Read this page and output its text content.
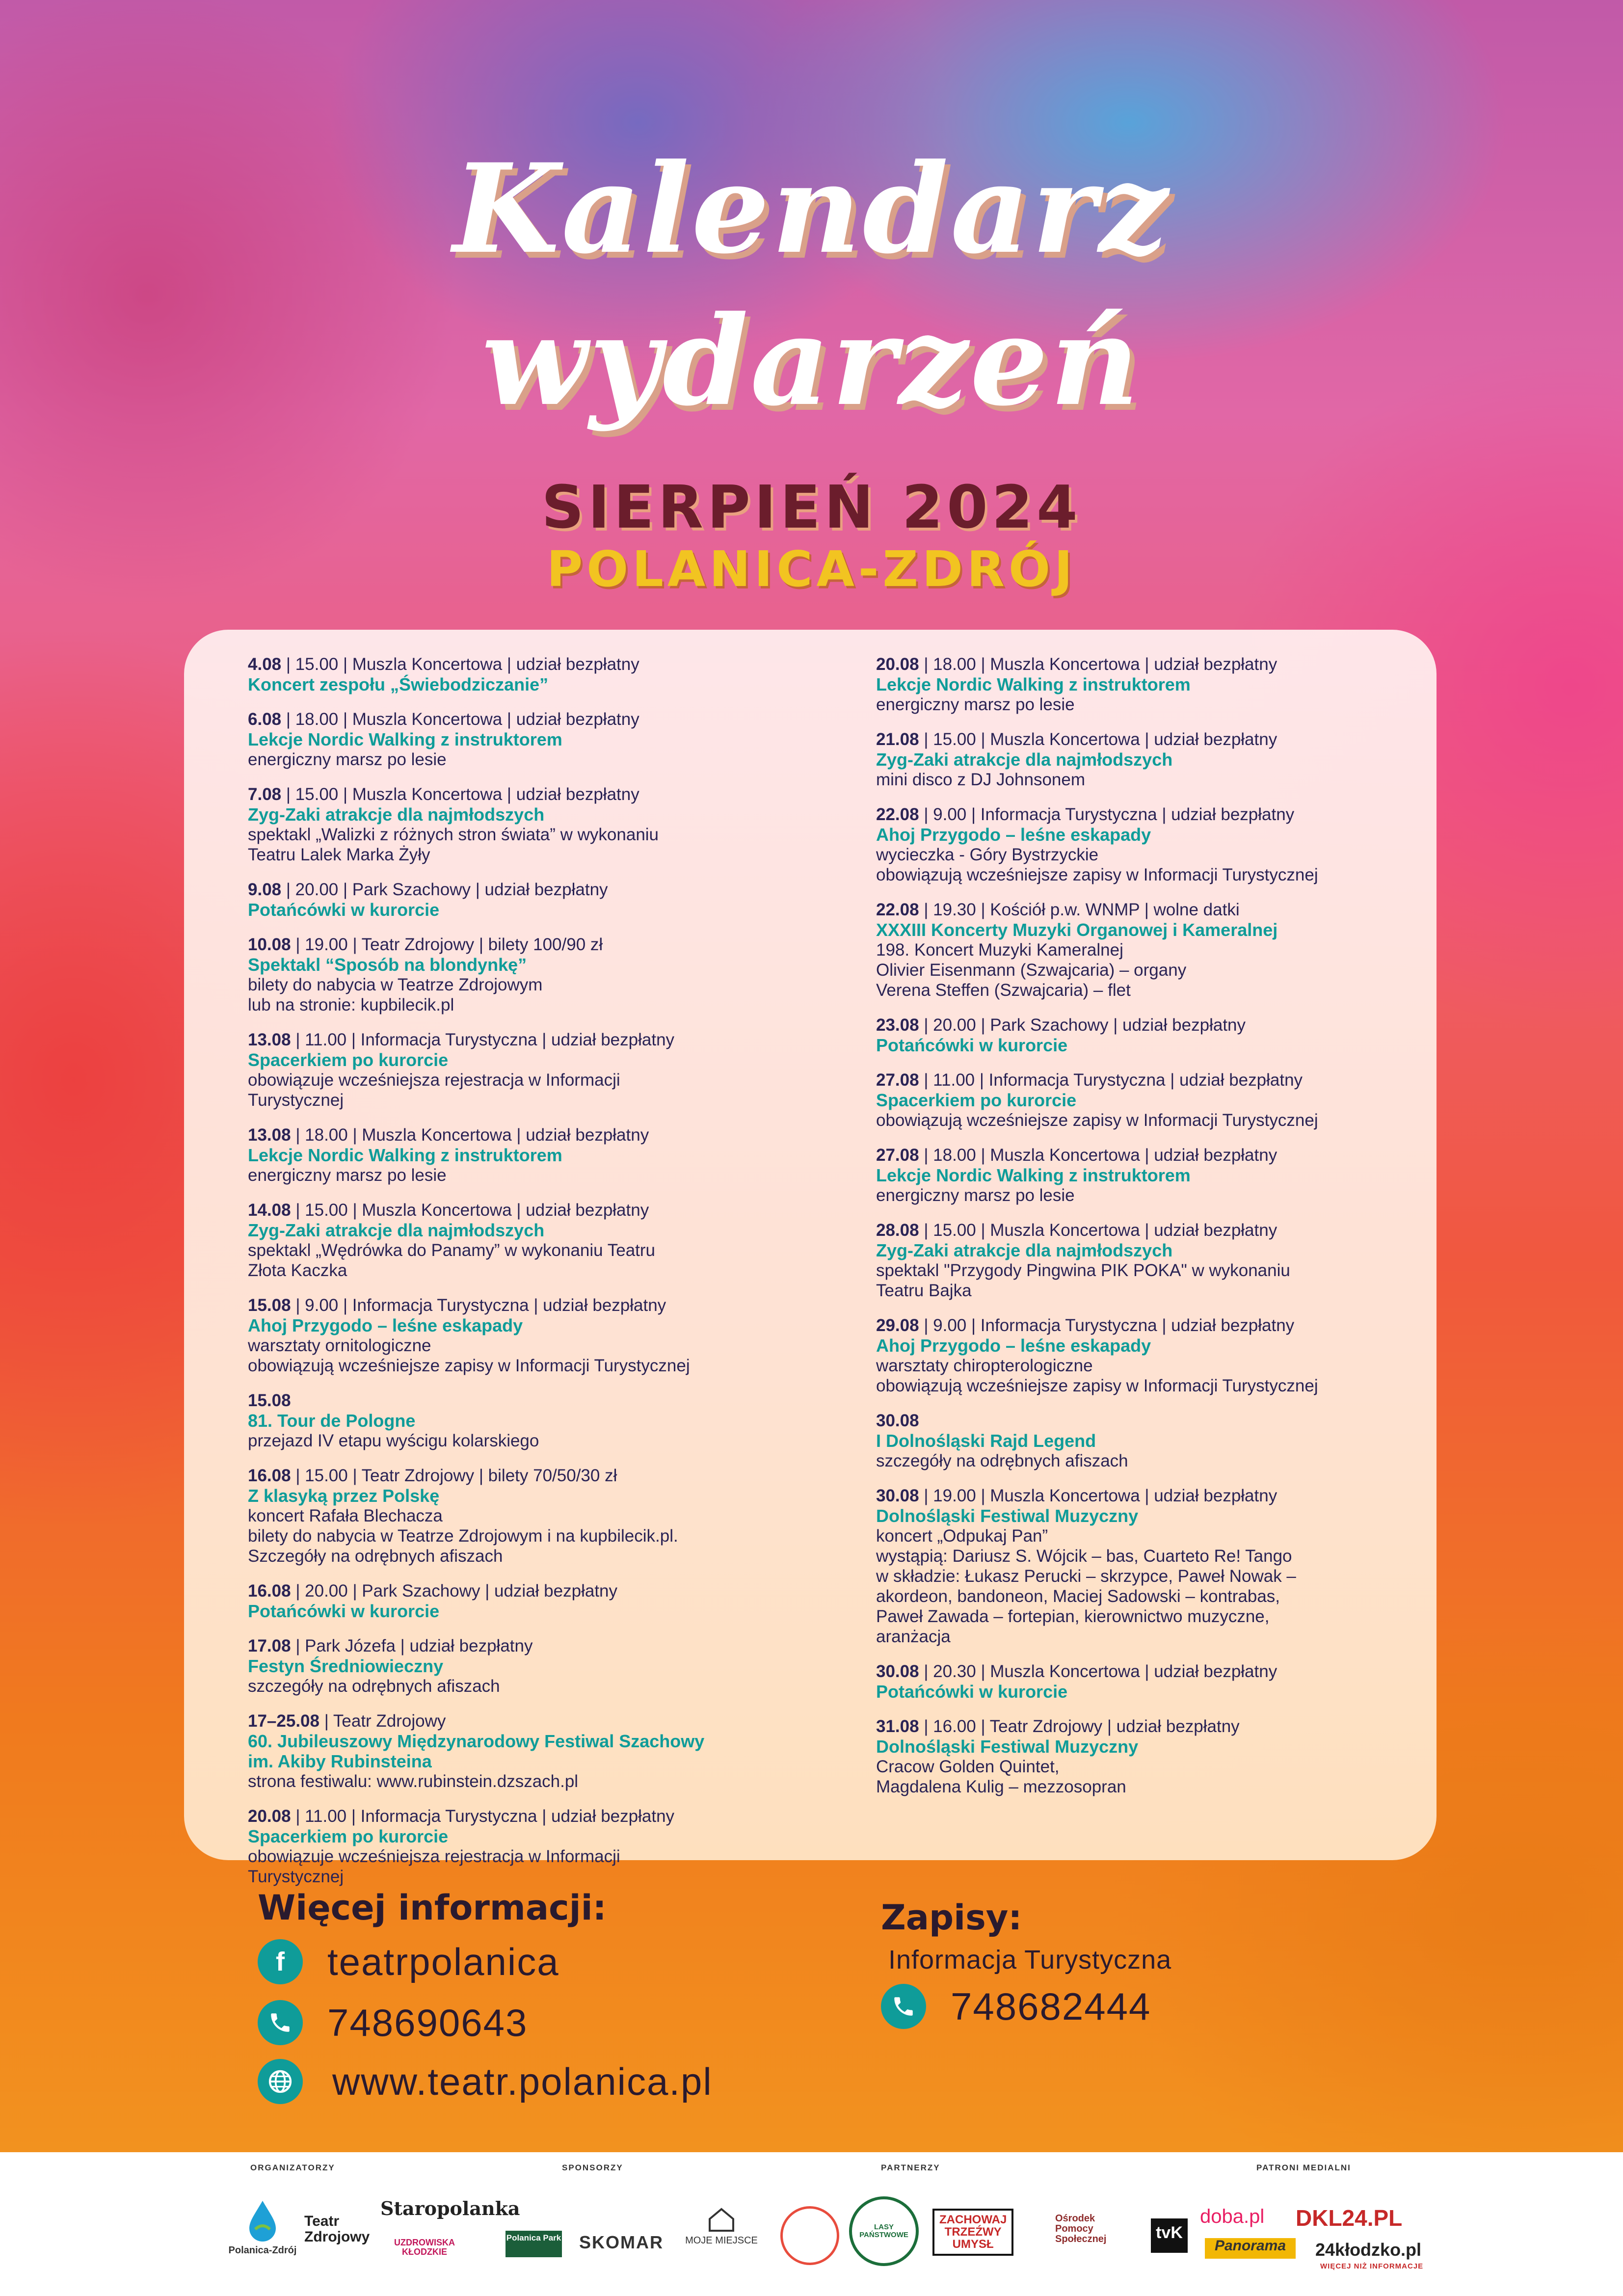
Kalendarz
wydarzeń
SIERPIEŃ 2024
POLANICA-ZDRÓJ
4.08 | 15.00 | Muszla Koncertowa | udział bezpłatny
Koncert zespołu „Świebodziczanie”
6.08 | 18.00 | Muszla Koncertowa | udział bezpłatny
Lekcje Nordic Walking z instruktorem
energiczny marsz po lesie
7.08 | 15.00 | Muszla Koncertowa | udział bezpłatny
Zyg-Zaki atrakcje dla najmłodszych
spektakl „Walizki z różnych stron świata” w wykonaniu
Teatru Lalek Marka Żyły
9.08 | 20.00 | Park Szachowy | udział bezpłatny
Potańcówki w kurorcie
10.08 | 19.00 | Teatr Zdrojowy | bilety 100/90 zł
Spektakl “Sposób na blondynkę”
bilety do nabycia w Teatrze Zdrojowym
lub na stronie: kupbilecik.pl
13.08 | 11.00 | Informacja Turystyczna | udział bezpłatny
Spacerkiem po kurorcie
obowiązuje wcześniejsza rejestracja w Informacji
Turystycznej
13.08 | 18.00 | Muszla Koncertowa | udział bezpłatny
Lekcje Nordic Walking z instruktorem
energiczny marsz po lesie
14.08 | 15.00 | Muszla Koncertowa | udział bezpłatny
Zyg-Zaki atrakcje dla najmłodszych
spektakl „Wędrówka do Panamy” w wykonaniu Teatru
Złota Kaczka
15.08 | 9.00 | Informacja Turystyczna | udział bezpłatny
Ahoj Przygodo – leśne eskapady
warsztaty ornitologiczne
obowiązują wcześniejsze zapisy w Informacji Turystycznej
15.08
81. Tour de Pologne
przejazd IV etapu wyścigu kolarskiego
16.08 | 15.00 | Teatr Zdrojowy | bilety 70/50/30 zł
Z klasyką przez Polskę
koncert Rafała Blechacza
bilety do nabycia w Teatrze Zdrojowym i na kupbilecik.pl.
Szczegóły na odrębnych afiszach
16.08 | 20.00 | Park Szachowy | udział bezpłatny
Potańcówki w kurorcie
17.08 | Park Józefa | udział bezpłatny
Festyn Średniowieczny
szczegóły na odrębnych afiszach
17–25.08 | Teatr Zdrojowy
60. Jubileuszowy Międzynarodowy Festiwal Szachowy
im. Akiby Rubinsteina
strona festiwalu: www.rubinstein.dzszach.pl
20.08 | 11.00 | Informacja Turystyczna | udział bezpłatny
Spacerkiem po kurorcie
obowiązuje wcześniejsza rejestracja w Informacji
Turystycznej
20.08 | 18.00 | Muszla Koncertowa | udział bezpłatny
Lekcje Nordic Walking z instruktorem
energiczny marsz po lesie
21.08 | 15.00 | Muszla Koncertowa | udział bezpłatny
Zyg-Zaki atrakcje dla najmłodszych
mini disco z DJ Johnsonem
22.08 | 9.00 | Informacja Turystyczna | udział bezpłatny
Ahoj Przygodo – leśne eskapady
wycieczka - Góry Bystrzyckie
obowiązują wcześniejsze zapisy w Informacji Turystycznej
22.08 | 19.30 | Kościół p.w. WNMP | wolne datki
XXXIII Koncerty Muzyki Organowej i Kameralnej
198. Koncert Muzyki Kameralnej
Olivier Eisenmann (Szwajcaria) – organy
Verena Steffen (Szwajcaria) – flet
23.08 | 20.00 | Park Szachowy | udział bezpłatny
Potańcówki w kurorcie
27.08 | 11.00 | Informacja Turystyczna | udział bezpłatny
Spacerkiem po kurorcie
obowiązują wcześniejsze zapisy w Informacji Turystycznej
27.08 | 18.00 | Muszla Koncertowa | udział bezpłatny
Lekcje Nordic Walking z instruktorem
energiczny marsz po lesie
28.08 | 15.00 | Muszla Koncertowa | udział bezpłatny
Zyg-Zaki atrakcje dla najmłodszych
spektakl "Przygody Pingwina PIK POKA" w wykonaniu
Teatru Bajka
29.08 | 9.00 | Informacja Turystyczna | udział bezpłatny
Ahoj Przygodo – leśne eskapady
warsztaty chiropterologiczne
obowiązują wcześniejsze zapisy w Informacji Turystycznej
30.08
I Dolnośląski Rajd Legend
szczegóły na odrębnych afiszach
30.08 | 19.00 | Muszla Koncertowa | udział bezpłatny
Dolnośląski Festiwal Muzyczny
koncert „Odpukaj Pan”
wystąpią: Dariusz S. Wójcik – bas, Cuarteto Re! Tango
w składzie: Łukasz Perucki – skrzypce, Paweł Nowak –
akordeon, bandoneon, Maciej Sadowski – kontrabas,
Paweł Zawada – fortepian, kierownictwo muzyczne,
aranżacja
30.08 | 20.30 | Muszla Koncertowa | udział bezpłatny
Potańcówki w kurorcie
31.08 | 16.00 | Teatr Zdrojowy | udział bezpłatny
Dolnośląski Festiwal Muzyczny
Cracow Golden Quintet,
Magdalena Kulig – mezzosopran
Więcej informacji:
f teatrpolanica
748690643
www.teatr.polanica.pl
Zapisy:
Informacja Turystyczna
748682444
ORGANIZATORZY	SPONSORZY	PARTNERZY	PATRONI MEDIALNI
Polanica-Zdrój
Teatr
Zdrojowy
Staropolanka
UZDROWISKA KŁODZKIE
Polanica Park SKOMAR MOJE MIEJSCE
LASY PAŃSTWOWE
ZACHOWAJ
TRZEŹWY
UMYSŁ
Ośrodek Pomocy Społecznej	tvK
doba.pl
Panorama
DKL24.PL
24kłodzko.pl
WIĘCEJ NIŻ INFORMACJE
